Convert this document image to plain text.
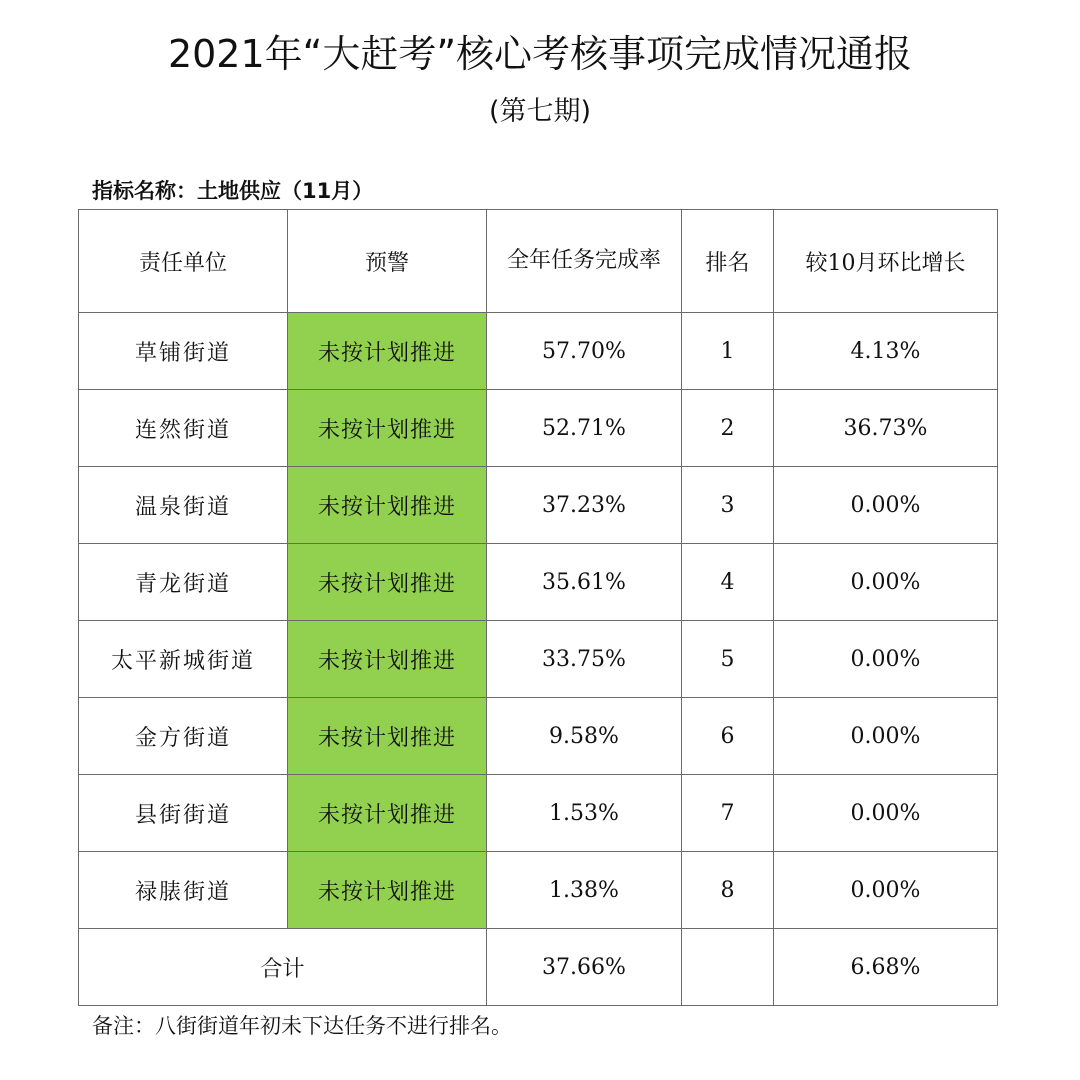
2021年“大赶考”核心考核事项完成情况通报
(第七期)
指标名称：土地供应（11月）
责任单位	预警	全年任务完成率	排名	较10月环比增长
草铺街道	未按计划推进	57.70%	1	4.13%
连然街道	未按计划推进	52.71%	2	36.73%
温泉街道	未按计划推进	37.23%	3	0.00%
青龙街道	未按计划推进	35.61%	4	0.00%
太平新城街道	未按计划推进	33.75%	5	0.00%
金方街道	未按计划推进	9.58%	6	0.00%
县街街道	未按计划推进	1.53%	7	0.00%
禄脿街道	未按计划推进	1.38%	8	0.00%
合计		37.66%		6.68%
备注：八街街道年初未下达任务不进行排名。
